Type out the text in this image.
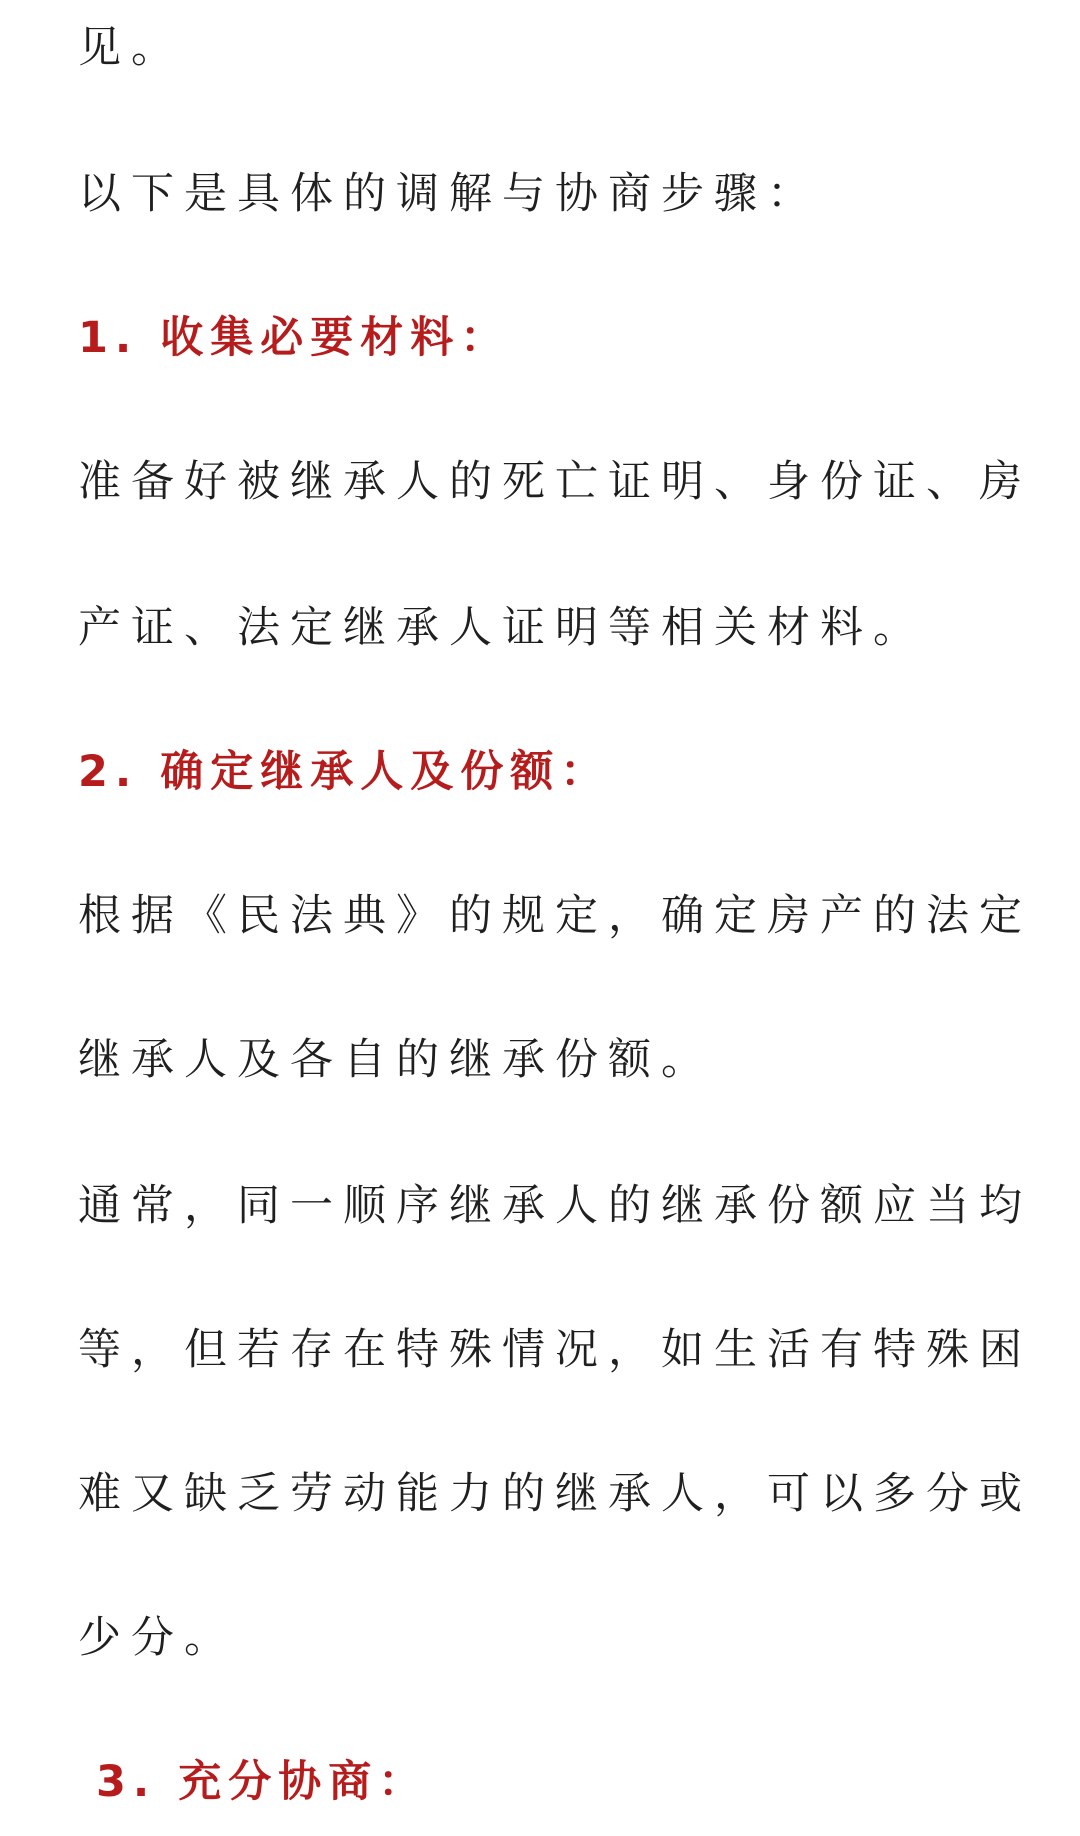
见。
以下是具体的调解与协商步骤：
1. 收集必要材料：
准备好被继承人的死亡证明、身份证、房
产证、法定继承人证明等相关材料。
2. 确定继承人及份额：
根据《民法典》的规定，确定房产的法定
继承人及各自的继承份额。
通常，同一顺序继承人的继承份额应当均
等，但若存在特殊情况，如生活有特殊困
难又缺乏劳动能力的继承人，可以多分或
少分。
3. 充分协商：
